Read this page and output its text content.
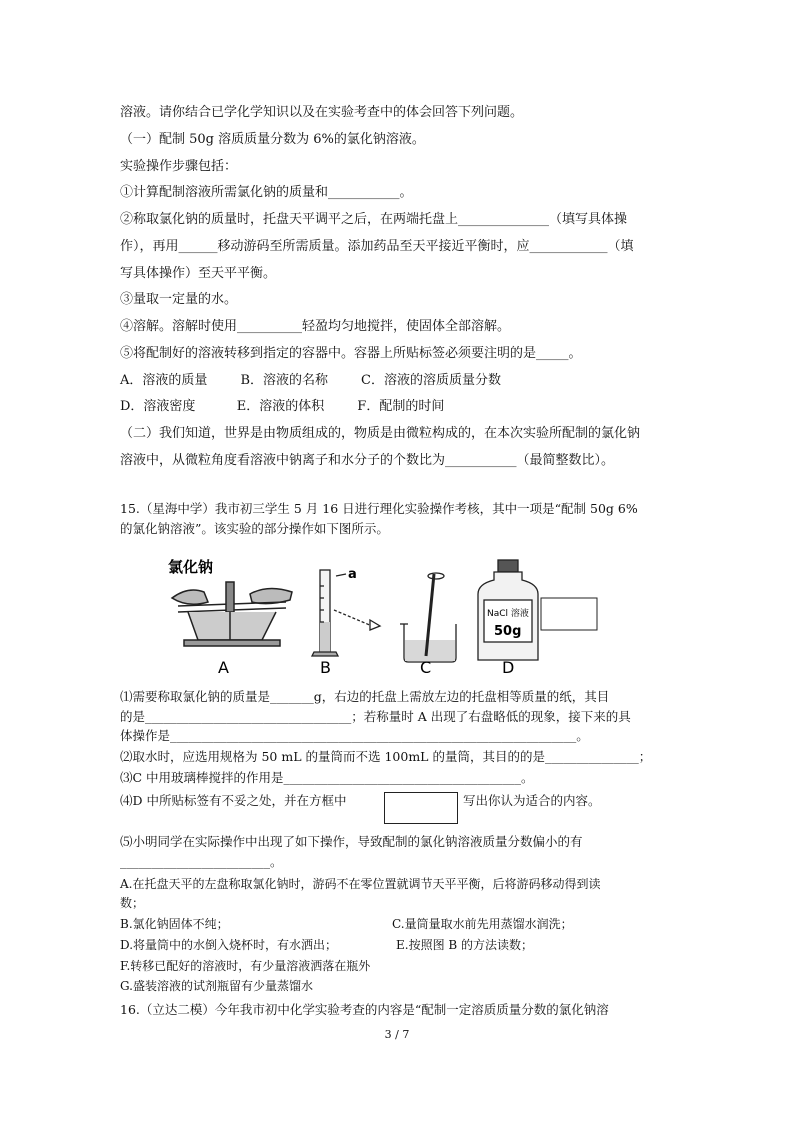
溶液。请你结合已学化学知识以及在实验考查中的体会回答下列问题。
（一）配制 50g 溶质质量分数为 6%的氯化钠溶液。
实验操作步骤包括：
①计算配制溶液所需氯化钠的质量和___________。
②称取氯化钠的质量时，托盘天平调平之后，在两端托盘上______________（填写具体操
作），再用______移动游码至所需质量。添加药品至天平接近平衡时，应____________（填
写具体操作）至天平平衡。
③量取一定量的水。
④溶解。溶解时使用__________轻盈均匀地搅拌，使固体全部溶解。
⑤将配制好的溶液转移到指定的容器中。容器上所贴标签必须要注明的是_____。
A．溶液的质量        B．溶液的名称        C．溶液的溶质质量分数
D．溶液密度          E．溶液的体积        F．配制的时间
（二）我们知道，世界是由物质组成的，物质是由微粒构成的，在本次实验所配制的氯化钠
溶液中，从微粒角度看溶液中钠离子和水分子的个数比为___________（最简整数比）。
15.（星海中学）我市初三学生 5 月 16 日进行理化实验操作考核，其中一项是“配制 50g 6%
的氯化钠溶液”。该实验的部分操作如下图所示。
氯化钠
A
a
B	C
NaCl 溶液
50g
D
⑴需要称取氯化钠的质量是_______g，右边的托盘上需放左边的托盘相等质量的纸，其目
的是_________________________________；若称量时 A 出现了右盘略低的现象，接下来的具
体操作是_________________________________________________________________。
⑵取水时，应选用规格为 50 mL 的量筒而不选 100mL 的量筒，其目的的是_______________；
⑶C 中用玻璃棒搅拌的作用是______________________________________。
⑷D 中所贴标签有不妥之处，并在方框中	写出你认为适合的内容。
⑸小明同学在实际操作中出现了如下操作，导致配制的氯化钠溶液质量分数偏小的有
________________________。
A.在托盘天平的左盘称取氯化钠时，游码不在零位置就调节天平平衡，后将游码移动得到读
数；
B.氯化钠固体不纯；	C.量筒量取水前先用蒸馏水润洗；
D.将量筒中的水倒入烧杯时，有水洒出；	E.按照图 B 的方法读数；
F.转移已配好的溶液时，有少量溶液洒落在瓶外
G.盛装溶液的试剂瓶留有少量蒸馏水
16.（立达二模）今年我市初中化学实验考查的内容是“配制一定溶质质量分数的氯化钠溶
3 / 7
